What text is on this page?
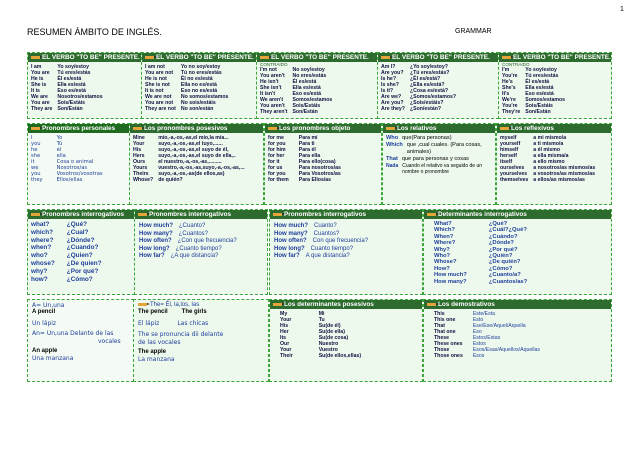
1
RESUMEN ÁMBITO DE INGLÉS.	GRAMMAR
EL VERBO "TO BE" PRESENTE.
I am
You are
He is
She is
It is
We are
You are
They are
Yo soy/estoy
Tú eres/estás
Él es/está
Ella es/está
Eso es/está
Nosotros/estamos
Sois/Estáis
Son/Están
EL VERBO "TO BE" PRESENTE.
I am not
You are not
He is not
She is not
It is not
We are not
You are not
They are not
Yo no soy/estoy
Tú no eres/estás
Él no es/está
Ella no es/está
Eso no es/está
No somos/estamos
No sois/estáis
No son/están
EL VERBO "TO BE" PRESENTE.
CONTRAIDO
I'm not
You aren't
He isn't
She isn't
It isn't
We aren't
You aren't
They aren't
No soy/estoy
No eres/estás
Él es/está
Ella es/está
Eso es/está
Somos/estamos
Sois/Estáis
Son/Están
EL VERBO "TO BE" PRESENTE.
Am I?
Are you?
Is he?
Is she?
Is it?
Are we?
Are you?
Are they?
¿Yo soy/estoy?
¿Tú eres/estás?
¿Él es/está?
¿Ella es/está?
¿Cosa es/está?
¿Somos/estamos?
¿Sois/estáis?
¿Son/están?
EL VERBO "TO BE" PRESENTE.
CONTRAIDO
I'm
You're
He's
She's
It's
We're
You're
They're
Yo soy/estoy
Tú eres/estás
Él es/está
Ella es/está
Eso es/está
Somos/estamos
Sois/Estáis
Son/Están
Pronombres personales
I
you
he
she
it
we
you
they
Yo
Tú
él
ella
Cosa o animal
Nosotros/as
Vosotros/vosotras
Ellos/ellas
Los pronombres posesivos
Mine
Your
His
Hers
Ours
Yours
Theirs
Whose?
mío,-a,-os,-as,el mío,la mía...
suyo,-a,-os,-as,el tuyo,......
suyo,-a,-os,-as,el suyo de él,
suyo,-a,-os,-as,el suyo de ella,..
el nuestro,-a,-os,-as,.........
vuestro,-a,-os,-as,suyo,-a,-os,-as,...
suyo,-a,-os,-as(de ellos,as)
de quién?
Los pronombres objeto
for me
for you
for him
for her
for it
for us
for you
for them
Para mí
Para ti
Para él
Para ella
Para ello(cosa)
Para nosotros/as
Para Vosotros/as
Para Ellos/as
Los relativos
Who que(Para personas)
Which que ,cual cuales. (Para cosas, animales)
That que para personas y cosas
Nada Cuando el relativo va seguido de un nombre o pronombre
Los reflexivos
myself
yourself
himself
herself
itself
ourselves
yourselves
themselves
a mi mismo/a
a ti mismo/a
a él mismo
a ella misma/a
a ello mismo
a nosotros/as mismos/as
a vosotros/as mismos/as
a ellos/as mismos/as
Pronombres interrogativos
what?
which?
where?
when?
who?
whose?
why?
how?
¿Qué?
¿Cual?
¿Dónde?
¿Cuando?
¿Quien?
¿De quien?
¿Por qué?
¿Cómo?
Pronombres interrogativos
How much? ¿Cuanto?
How many? ¿Cuantos?
How often? ¿Con que frecuencia?
How long? ¿Cuanto tiempo?
How far? ¿A que distancia?
Pronombres interrogativos
How much? Cuanto?
How many? Cuantos?
How often? Con que frecuencia?
How long? Cuanto tiempo?
How far? A que distancia?
Determinantes interrogativos
What?
Which?
When?
Where?
Why?
Who?
Whose?
How?
How much?
How many?
¿Qué?
¿Cuál?¿Qué?
¿Cuándo?
¿Dónde?
¿Por qué?
¿Quién?
¿De quién?
¿Cómo?
¿Cuanto/a?
¿Cuantos/as?
A= Un,una
A pencil
Un lápiz
An= Un,una Delante de las
vocales
An apple
Una manzana
The= Él, la,los, las
The pencil The girls
El lápiz	Las chicas
The se pronuncia dii delante
de las vocales
The apple
La manzana
Los determinantes posesivos
My
Your
His
Her
Its
Our
Your
Their
Mi
Tu
Su(de él)
Su(de ella)
Su(de cosa)
Nuestro
Vuestro
Su(de ellos,ellas)
Los demostrativos
This
This one
That
That one
These
These ones
Those
Those ones
Este/Esta
Esto
Ese/Ese/Aquel/Aquella
Eso
Estos/Estas
Estos
Esos/Esas/Aquellos/Aquellas
Esos
